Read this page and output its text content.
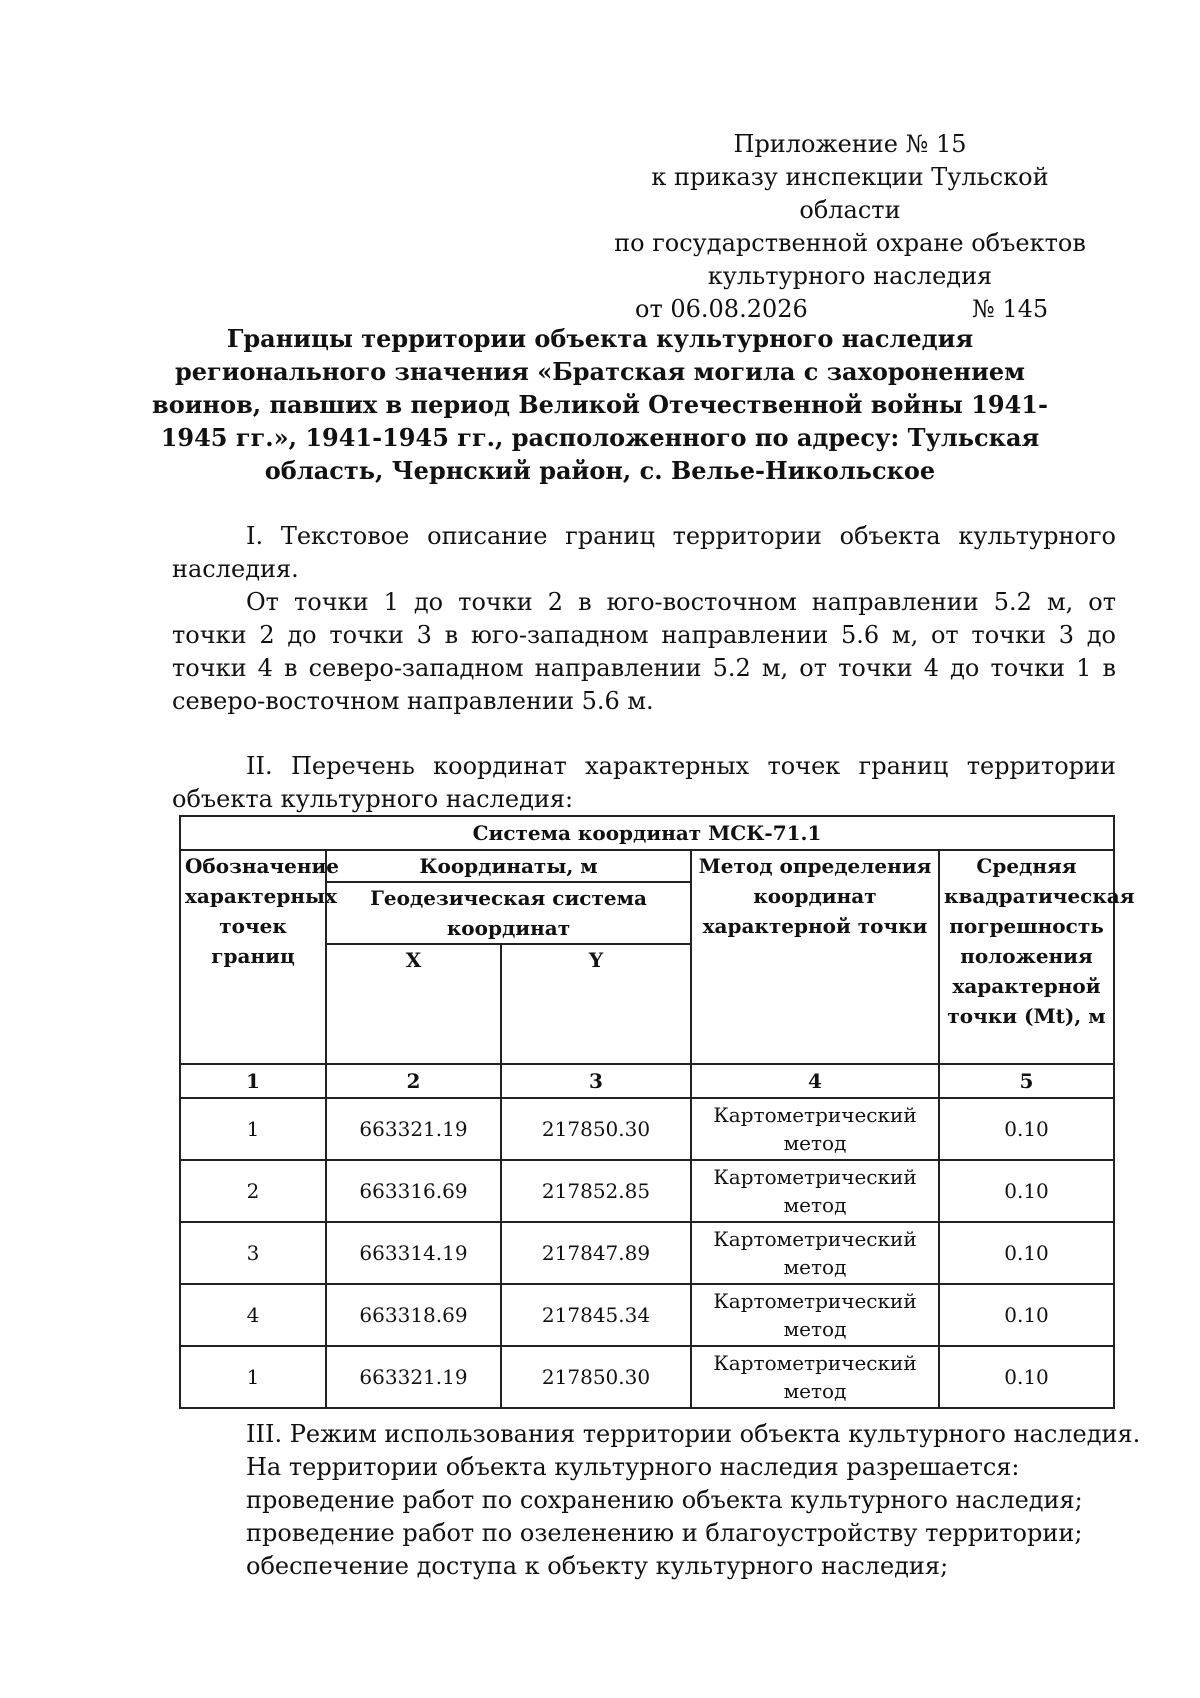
Приложение № 15
к приказу инспекции Тульской области
по государственной охране объектов
культурного наследия
от 06.08.2026	№ 145
Границы территории объекта культурного наследия регионального значения «Братская могила с захоронением воинов, павших в период Великой Отечественной войны 1941-1945 гг.», 1941-1945 гг., расположенного по адресу: Тульская область, Чернский район, с. Велье-Никольское

I. Текстовое описание границ территории объекта культурного наследия.

От точки 1 до точки 2 в юго-восточном направлении 5.2 м, от точки 2 до точки 3 в юго-западном направлении 5.6 м, от точки 3 до точки 4 в северо-западном направлении 5.2 м, от точки 4 до точки 1 в северо-восточном направлении 5.6 м.

II. Перечень координат характерных точек границ территории объекта культурного наследия:

Система координат МСК-71.1				
Обозначение характерных точек границ	Координаты, м		Метод определения координат характерной точки	Средняя квадратическая погрешность положения характерной точки (Mt), м
	Геодезическая система координат			
	X	Y		
1	2	3	4	5
1	663321.19	217850.30	Картометрический метод	0.10
2	663316.69	217852.85	Картометрический метод	0.10
3	663314.19	217847.89	Картометрический метод	0.10
4	663318.69	217845.34	Картометрический метод	0.10
1	663321.19	217850.30	Картометрический метод	0.10
III. Режим использования территории объекта культурного наследия.
На территории объекта культурного наследия разрешается:
проведение работ по сохранению объекта культурного наследия;
проведение работ по озеленению и благоустройству территории;
обеспечение доступа к объекту культурного наследия;
